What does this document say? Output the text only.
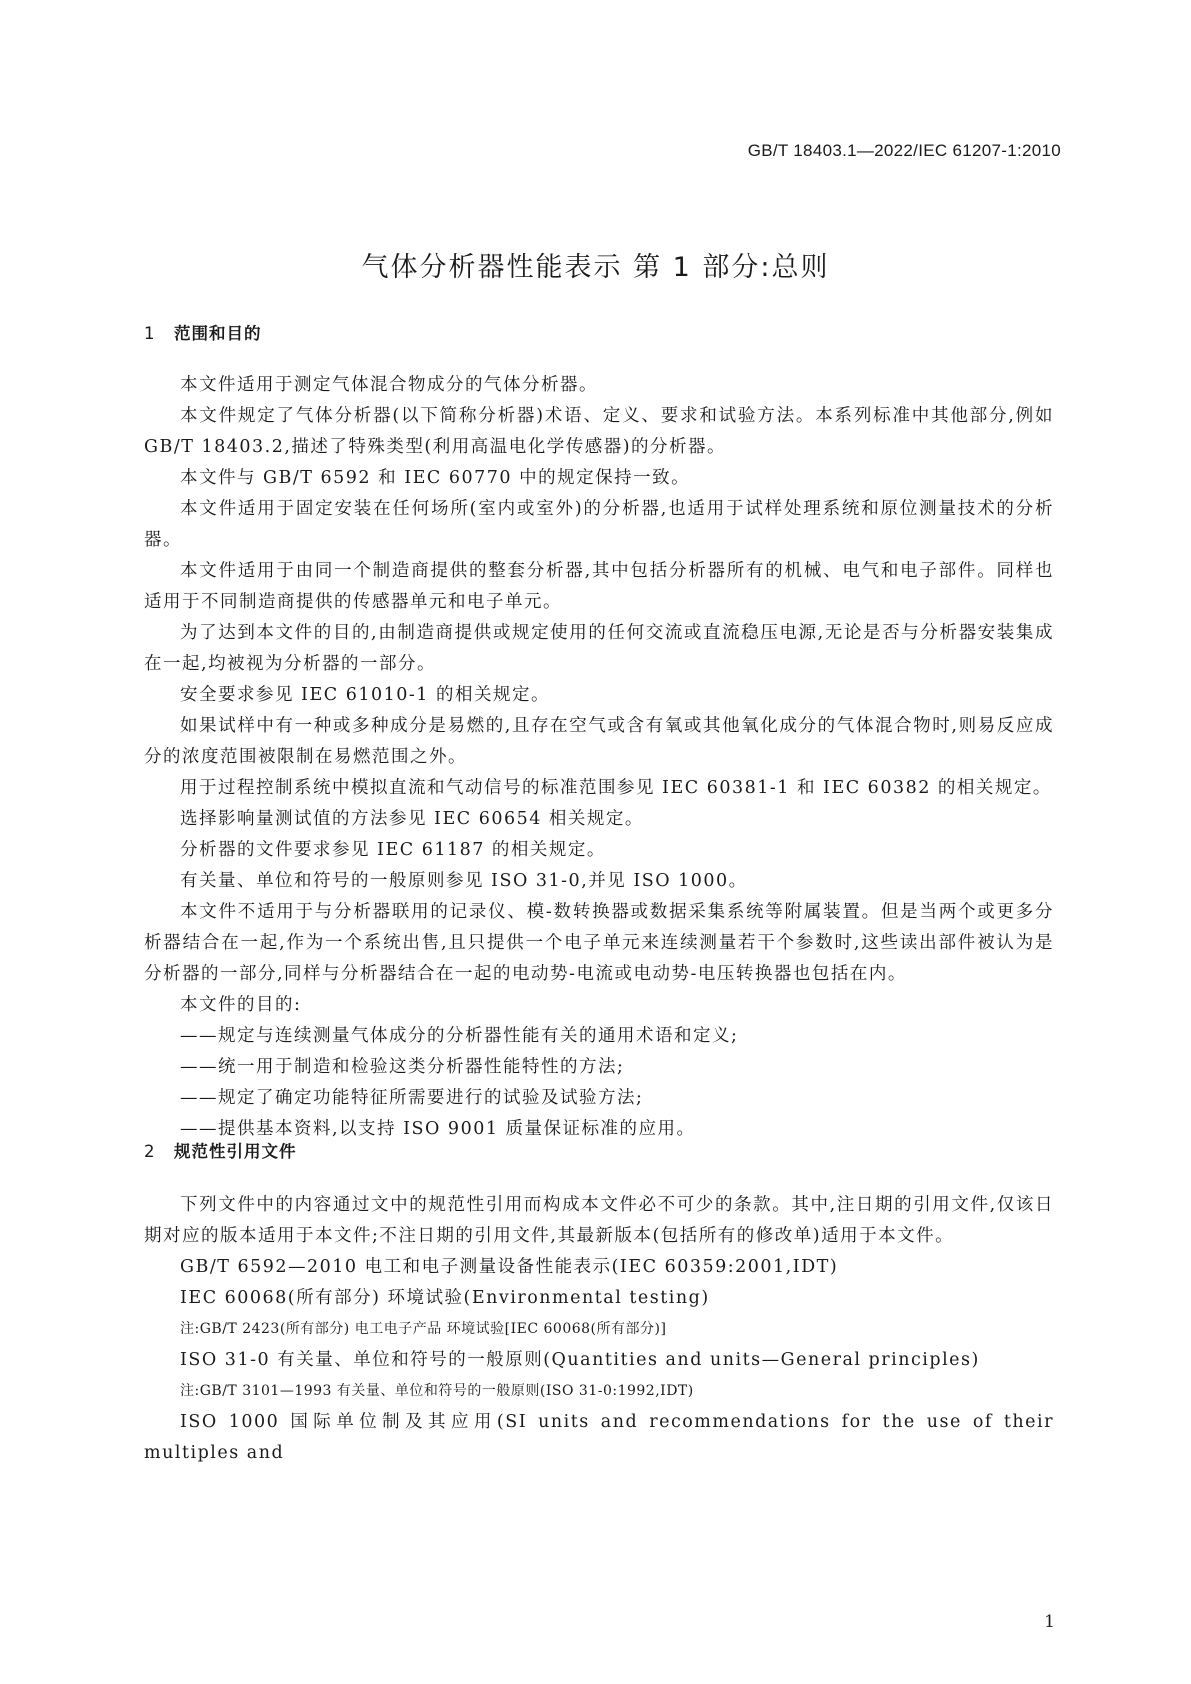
GB/T 18403.1—2022/IEC 61207-1:2010
气体分析器性能表示 第 1 部分:总则
1 范围和目的

本文件适用于测定气体混合物成分的气体分析器。

本文件规定了气体分析器(以下简称分析器)术语、定义、要求和试验方法。本系列标准中其他部分,例如 GB/T 18403.2,描述了特殊类型(利用高温电化学传感器)的分析器。

本文件与 GB/T 6592 和 IEC 60770 中的规定保持一致。

本文件适用于固定安装在任何场所(室内或室外)的分析器,也适用于试样处理系统和原位测量技术的分析器。

本文件适用于由同一个制造商提供的整套分析器,其中包括分析器所有的机械、电气和电子部件。同样也适用于不同制造商提供的传感器单元和电子单元。

为了达到本文件的目的,由制造商提供或规定使用的任何交流或直流稳压电源,无论是否与分析器安装集成在一起,均被视为分析器的一部分。

安全要求参见 IEC 61010-1 的相关规定。

如果试样中有一种或多种成分是易燃的,且存在空气或含有氧或其他氧化成分的气体混合物时,则易反应成分的浓度范围被限制在易燃范围之外。

用于过程控制系统中模拟直流和气动信号的标准范围参见 IEC 60381-1 和 IEC 60382 的相关规定。

选择影响量测试值的方法参见 IEC 60654 相关规定。

分析器的文件要求参见 IEC 61187 的相关规定。

有关量、单位和符号的一般原则参见 ISO 31-0,并见 ISO 1000。

本文件不适用于与分析器联用的记录仪、模-数转换器或数据采集系统等附属装置。但是当两个或更多分析器结合在一起,作为一个系统出售,且只提供一个电子单元来连续测量若干个参数时,这些读出部件被认为是分析器的一部分,同样与分析器结合在一起的电动势-电流或电动势-电压转换器也包括在内。

本文件的目的:

——规定与连续测量气体成分的分析器性能有关的通用术语和定义;

——统一用于制造和检验这类分析器性能特性的方法;

——规定了确定功能特征所需要进行的试验及试验方法;

——提供基本资料,以支持 ISO 9001 质量保证标准的应用。

2 规范性引用文件

下列文件中的内容通过文中的规范性引用而构成本文件必不可少的条款。其中,注日期的引用文件,仅该日期对应的版本适用于本文件;不注日期的引用文件,其最新版本(包括所有的修改单)适用于本文件。

GB/T 6592—2010 电工和电子测量设备性能表示(IEC 60359:2001,IDT)

IEC 60068(所有部分) 环境试验(Environmental testing)

注:GB/T 2423(所有部分) 电工电子产品 环境试验[IEC 60068(所有部分)]

ISO 31-0 有关量、单位和符号的一般原则(Quantities and units—General principles)

注:GB/T 3101—1993 有关量、单位和符号的一般原则(ISO 31-0:1992,IDT)

ISO 1000 国际单位制及其应用(SI units and recommendations for the use of their multiples and

1
